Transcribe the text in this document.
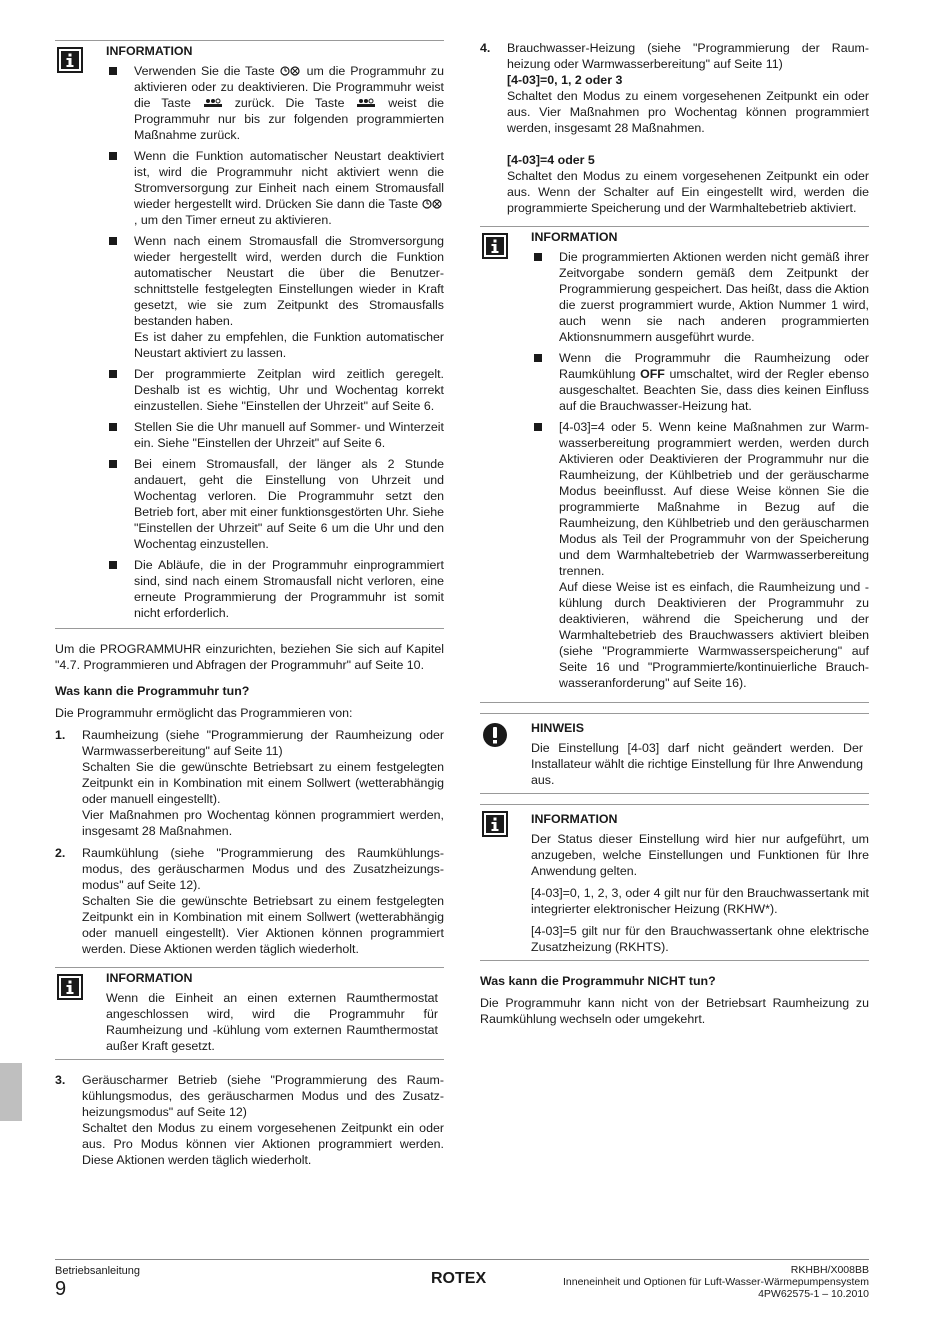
INFORMATION

Verwenden Sie die Taste  um die Programmuhr zu aktivieren oder zu deaktivieren. Die Programmuhr weist die Taste  zurück. Die Taste  weist die Programmuhr nur bis zur folgenden programmierten Maßnahme zurück.

Wenn die Funktion automatischer Neustart deaktiviert ist, wird die Programmuhr nicht aktiviert wenn die Stromversorgung zur Einheit nach einem Stromausfall wieder hergestellt wird. Drücken Sie dann die Taste , um den Timer erneut zu aktivieren.

Wenn nach einem Stromausfall die Stromversorgung wieder hergestellt wird, werden durch die Funktion automatischer Neustart die über die Benutzerschnittstelle festgelegten Einstellungen wieder in Kraft gesetzt, wie sie zum Zeitpunkt des Stromausfalls bestanden haben.

Es ist daher zu empfehlen, die Funktion automatischer Neustart aktiviert zu lassen.

Der programmierte Zeitplan wird zeitlich geregelt. Deshalb ist es wichtig, Uhr und Wochentag korrekt einzustellen. Siehe "Einstellen der Uhrzeit" auf Seite 6.

Stellen Sie die Uhr manuell auf Sommer- und Winterzeit ein. Siehe "Einstellen der Uhrzeit" auf Seite 6.

Bei einem Stromausfall, der länger als 2 Stunde andauert, geht die Einstellung von Uhrzeit und Wochentag verloren. Die Programmuhr setzt den Betrieb fort, aber mit einer funktionsgestörten Uhr. Siehe "Einstellen der Uhrzeit" auf Seite 6 um die Uhr und den Wochentag einzustellen.

Die Abläufe, die in der Programmuhr einprogrammiert sind, sind nach einem Stromausfall nicht verloren, eine erneute Programmierung der Programmuhr ist somit nicht erforderlich.

Um die PROGRAMMUHR einzurichten, beziehen Sie sich auf Kapitel "4.7. Programmieren und Abfragen der Programmuhr" auf Seite 10.

Was kann die Programmuhr tun?

Die Programmuhr ermöglicht das Programmieren von:

1. Raumheizung (siehe "Programmierung der Raumheizung oder Warmwasserbereitung" auf Seite 11)

Schalten Sie die gewünschte Betriebsart zu einem festgelegten Zeitpunkt ein in Kombination mit einem Sollwert (wetterabhängig oder manuell eingestellt).

Vier Maßnahmen pro Wochentag können programmiert werden, insgesamt 28 Maßnahmen.

2. Raumkühlung (siehe "Programmierung des Raumkühlungsmodus, des geräuscharmen Modus und des Zusatzheizungsmodus" auf Seite 12).

Schalten Sie die gewünschte Betriebsart zu einem festgelegten Zeitpunkt ein in Kombination mit einem Sollwert (wetterabhängig oder manuell eingestellt). Vier Aktionen können programmiert werden. Diese Aktionen werden täglich wiederholt.

INFORMATION

Wenn die Einheit an einen externen Raumthermostat angeschlossen wird, wird die Programmuhr für Raumheizung und -kühlung vom externen Raumthermostat außer Kraft gesetzt.

3. Geräuscharmer Betrieb (siehe "Programmierung des Raumkühlungsmodus, des geräuscharmen Modus und des Zusatzheizungsmodus" auf Seite 12)

Schaltet den Modus zu einem vorgesehenen Zeitpunkt ein oder aus. Pro Modus können vier Aktionen programmiert werden. Diese Aktionen werden täglich wiederholt.

4. Brauchwasser-Heizung (siehe "Programmierung der Raumheizung oder Warmwasserbereitung" auf Seite 11)

[4-03]=0, 1, 2 oder 3

Schaltet den Modus zu einem vorgesehenen Zeitpunkt ein oder aus. Vier Maßnahmen pro Wochentag können programmiert werden, insgesamt 28 Maßnahmen.

[4-03]=4 oder 5

Schaltet den Modus zu einem vorgesehenen Zeitpunkt ein oder aus. Wenn der Schalter auf Ein eingestellt wird, werden die programmierte Speicherung und der Warmhaltebetrieb aktiviert.

INFORMATION

Die programmierten Aktionen werden nicht gemäß ihrer Zeitvorgabe sondern gemäß dem Zeitpunkt der Programmierung gespeichert. Das heißt, dass die Aktion die zuerst programmiert wurde, Aktion Nummer 1 wird, auch wenn sie nach anderen programmierten Aktionsnummern ausgeführt wurde.

Wenn die Programmuhr die Raumheizung oder Raumkühlung OFF umschaltet, wird der Regler ebenso ausgeschaltet. Beachten Sie, dass dies keinen Einfluss auf die Brauchwasser-Heizung hat.

[4-03]=4 oder 5. Wenn keine Maßnahmen zur Warmwasserbereitung programmiert werden, werden durch Aktivieren oder Deaktivieren der Programmuhr nur die Raumheizung, der Kühlbetrieb und der geräuscharme Modus beeinflusst. Auf diese Weise können Sie die programmierte Maßnahme in Bezug auf die Raumheizung, den Kühlbetrieb und den geräuscharmen Modus als Teil der Programmuhr von der Speicherung und dem Warmhaltebetrieb der Warmwasserbereitung trennen.

Auf diese Weise ist es einfach, die Raumheizung und -kühlung durch Deaktivieren der Programmuhr zu deaktivieren, während die Speicherung und der Warmhaltebetrieb des Brauchwassers aktiviert bleiben (siehe "Programmierte Warmwasserspeicherung" auf Seite 16 und "Programmierte/kontinuierliche Brauchwasseranforderung" auf Seite 16).

HINWEIS

Die Einstellung [4-03] darf nicht geändert werden. Der Installateur wählt die richtige Einstellung für Ihre Anwendung aus.

INFORMATION

Der Status dieser Einstellung wird hier nur aufgeführt, um anzugeben, welche Einstellungen und Funktionen für Ihre Anwendung gelten.

[4-03]=0, 1, 2, 3, oder 4 gilt nur für den Brauchwassertank mit integrierter elektronischer Heizung (RKHW*).

[4-03]=5 gilt nur für den Brauchwassertank ohne elektrische Zusatzheizung (RKHTS).

Was kann die Programmuhr NICHT tun?

Die Programmuhr kann nicht von der Betriebsart Raumheizung zu Raumkühlung wechseln oder umgekehrt.

Betriebsanleitung
9	ROTEX	RKHBH/X008BB
Inneneinheit und Optionen für Luft-Wasser-Wärmepumpensystem
4PW62575-1 – 10.2010
